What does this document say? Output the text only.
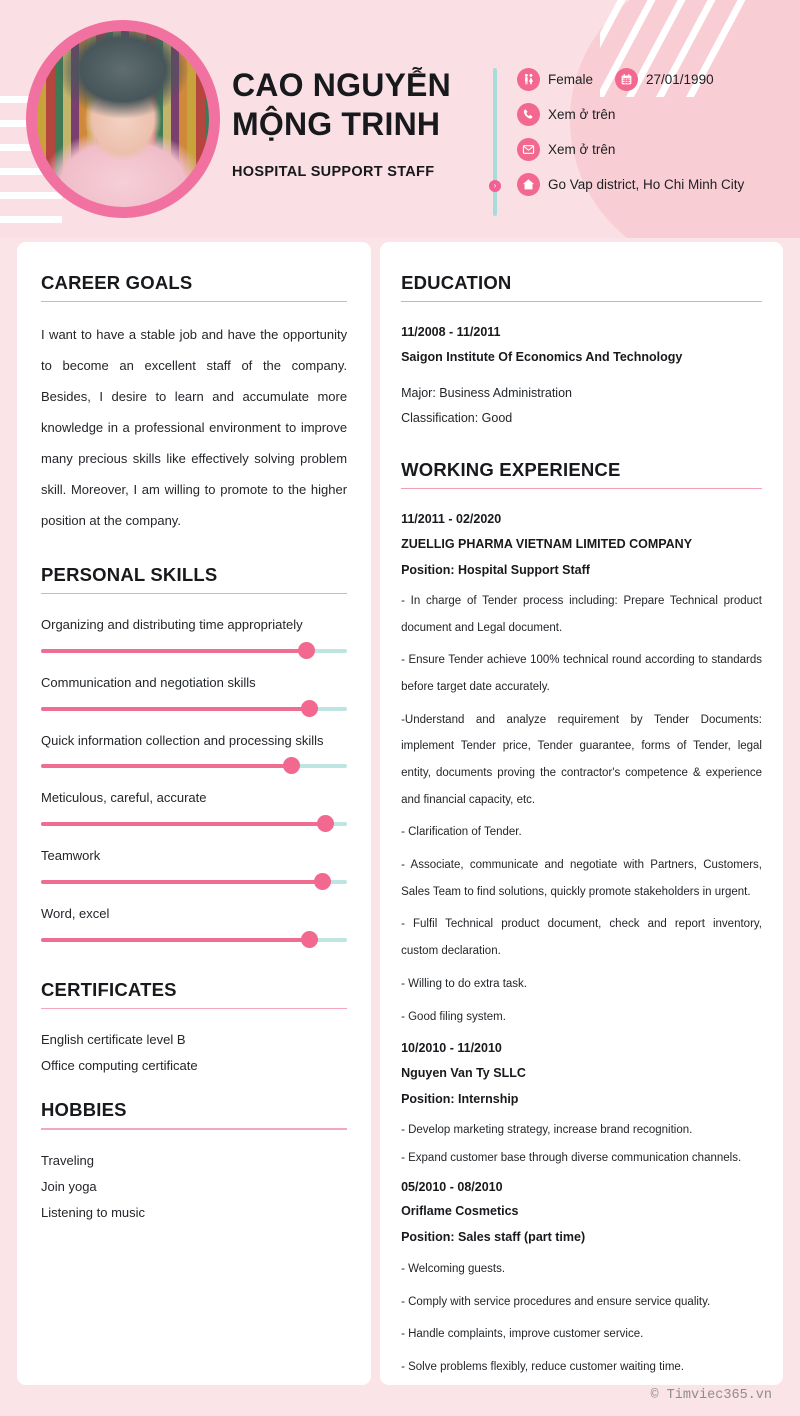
CAO NGUYỄN
MỘNG TRINH
HOSPITAL SUPPORT STAFF
›
Female	27/01/1990
Xem ở trên
Xem ở trên
Go Vap district, Ho Chi Minh City
CAREER GOALS

I want to have a stable job and have the opportunity to become an excellent staff of the company. Besides, I desire to learn and accumulate more knowledge in a professional environment to improve many precious skills like effectively solving problem skill. Moreover, I am willing to promote to the higher position at the company.

PERSONAL SKILLS
Organizing and distributing time appropriately
Communication and negotiation skills
Quick information collection and processing skills
Meticulous, careful, accurate
Teamwork
Word, excel
CERTIFICATES
English certificate level B
Office computing certificate
HOBBIES
Traveling
Join yoga
Listening to music
EDUCATION
11/2008 - 11/2011
Saigon Institute Of Economics And Technology
Major: Business Administration
Classification: Good
WORKING EXPERIENCE
11/2011 - 02/2020
ZUELLIG PHARMA VIETNAM LIMITED COMPANY
Position: Hospital Support Staff

- In charge of Tender process including: Prepare Technical product document and Legal document.

- Ensure Tender achieve 100% technical round according to standards before target date accurately.

-Understand and analyze requirement by Tender Documents: implement Tender price, Tender guarantee, forms of Tender, legal entity, documents proving the contractor's competence & experience and financial capacity, etc.

- Clarification of Tender.

- Associate, communicate and negotiate with Partners, Customers, Sales Team to find solutions, quickly promote stakeholders in urgent.

- Fulfil Technical product document, check and report inventory, custom declaration.

- Willing to do extra task.

- Good filing system.

10/2010 - 11/2010
Nguyen Van Ty SLLC
Position: Internship

- Develop marketing strategy, increase brand recognition.

- Expand customer base through diverse communication channels.

05/2010 - 08/2010
Oriflame Cosmetics
Position: Sales staff (part time)

- Welcoming guests.

- Comply with service procedures and ensure service quality.

- Handle complaints, improve customer service.

- Solve problems flexibly, reduce customer waiting time.

© Timviec365.vn
